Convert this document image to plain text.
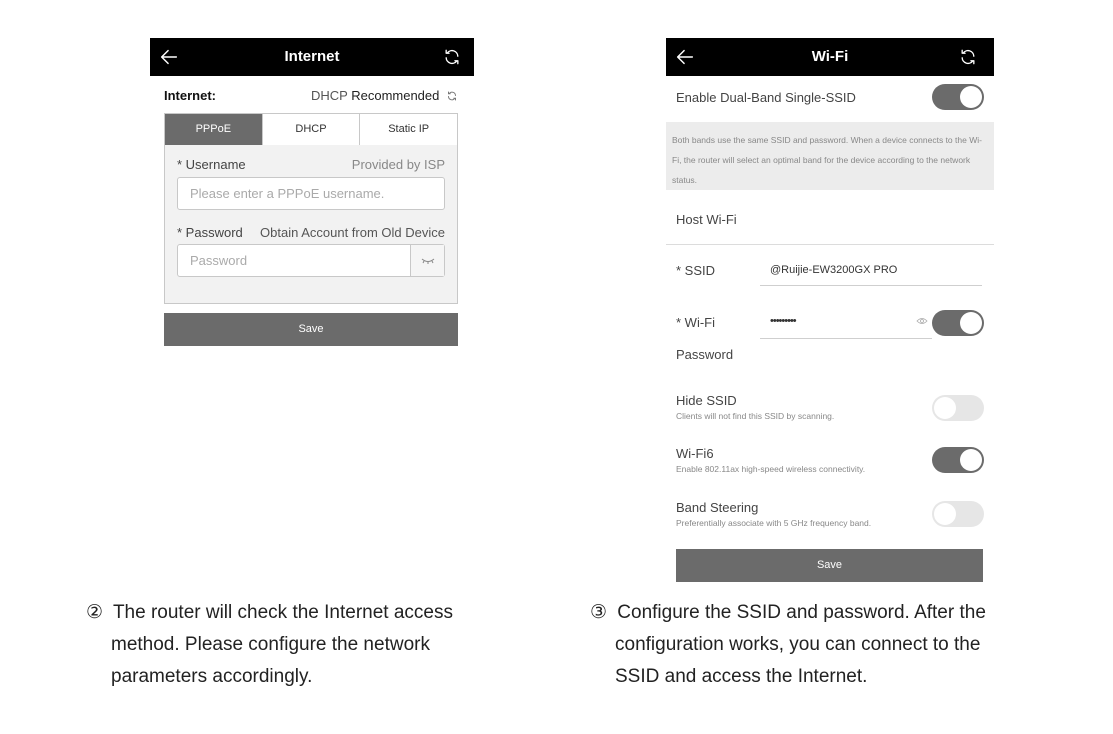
Internet
Internet:	DHCP Recommended
PPPoE	DHCP	Static IP
* Username	Provided by ISP
Please enter a PPPoE username.
* Password Obtain Account from Old Device
Password
Save
Wi-Fi
Enable Dual-Band Single-SSID
Both bands use the same SSID and password. When a device connects to the Wi-Fi, the router will select an optimal band for the device according to the network status.
Host Wi-Fi
* SSID	@Ruijie-EW3200GX PRO
* Wi-Fi
Password
•••••••••
Hide SSID
Clients will not find this SSID by scanning.
Wi-Fi6
Enable 802.11ax high-speed wireless connectivity.
Band Steering
Preferentially associate with 5 GHz frequency band.
Save
② The router will check the Internet access
method. Please configure the network
parameters accordingly.
③ Configure the SSID and password. After the
configuration works, you can connect to the
SSID and access the Internet.
